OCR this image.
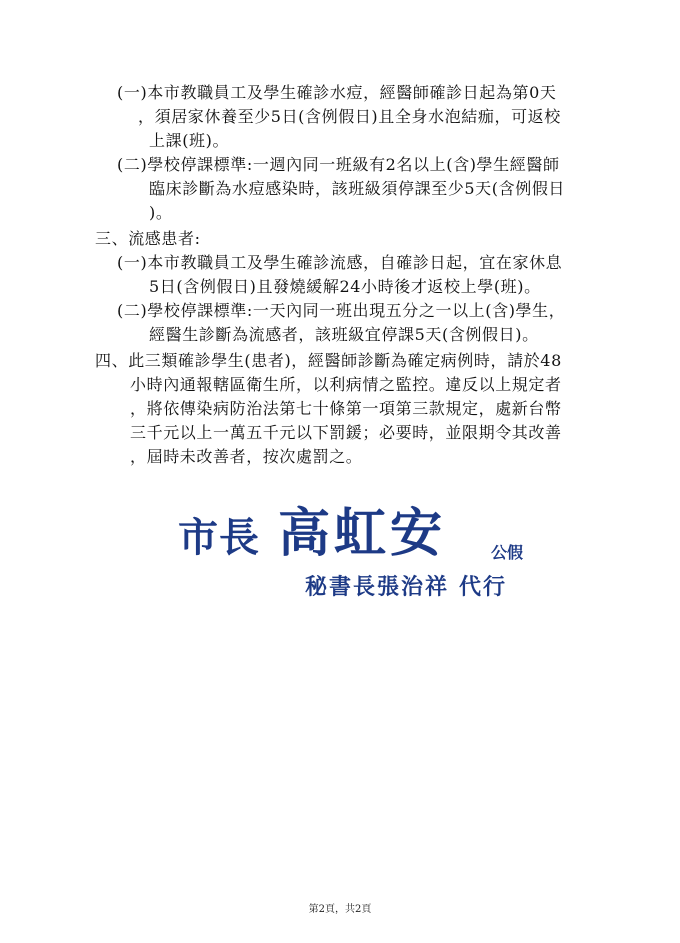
(一)本市教職員工及學生確診水痘，經醫師確診日起為第0天
，須居家休養至少5日(含例假日)且全身水泡結痂，可返校
上課(班)。
(二)學校停課標準:一週內同一班級有2名以上(含)學生經醫師
臨床診斷為水痘感染時，該班級須停課至少5天(含例假日
)。
三、流感患者:
(一)本市教職員工及學生確診流感，自確診日起，宜在家休息
5日(含例假日)且發燒緩解24小時後才返校上學(班)。
(二)學校停課標準:一天內同一班出現五分之一以上(含)學生，
經醫生診斷為流感者，該班級宜停課5天(含例假日)。
四、此三類確診學生(患者)，經醫師診斷為確定病例時，請於48
小時內通報轄區衛生所，以利病情之監控。違反以上規定者
，將依傳染病防治法第七十條第一項第三款規定，處新台幣
三千元以上一萬五千元以下罰鍰；必要時，並限期令其改善
，屆時未改善者，按次處罰之。
市長 高虹安	公假
秘書長張治祥 代行
第2頁，共2頁
